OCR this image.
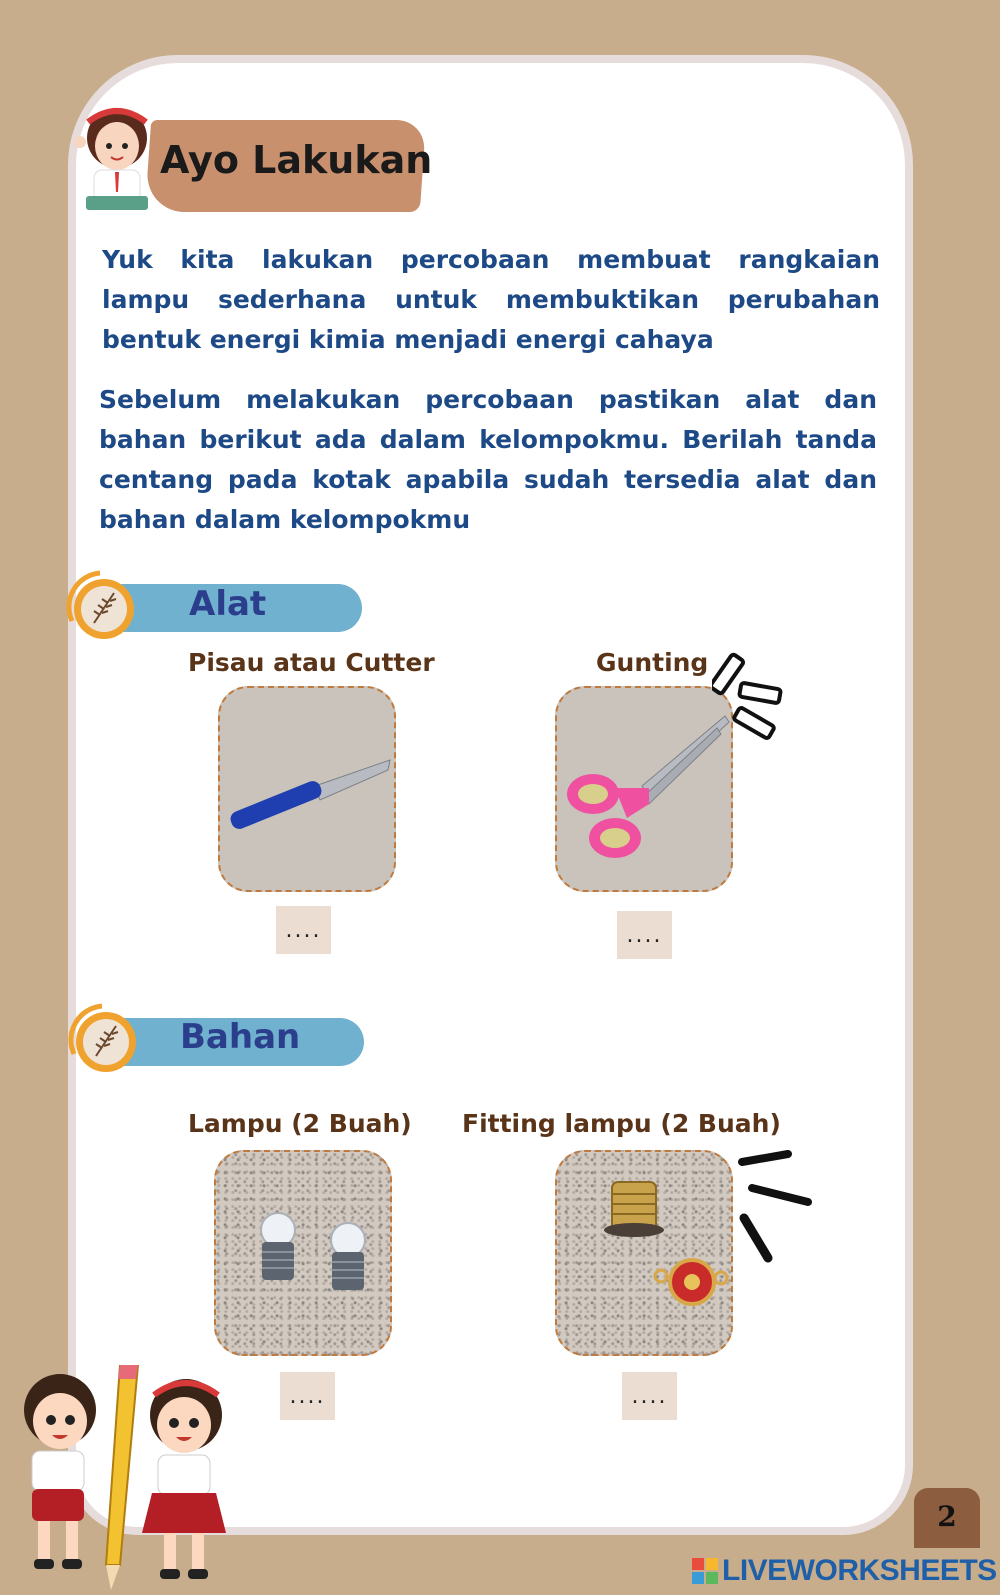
Ayo Lakukan
Yuk kita lakukan percobaan membuat rangkaian lampu sederhana untuk membuktikan perubahan bentuk energi kimia menjadi energi cahaya
Sebelum melakukan percobaan pastikan alat dan bahan berikut ada dalam kelompokmu. Berilah tanda centang pada kotak apabila sudah tersedia alat dan bahan dalam kelompokmu
Alat
Pisau atau Cutter
....
Gunting
....
Bahan
Lampu (2 Buah)
....
Fitting lampu (2 Buah)
....
2
LIVEWORKSHEETS
